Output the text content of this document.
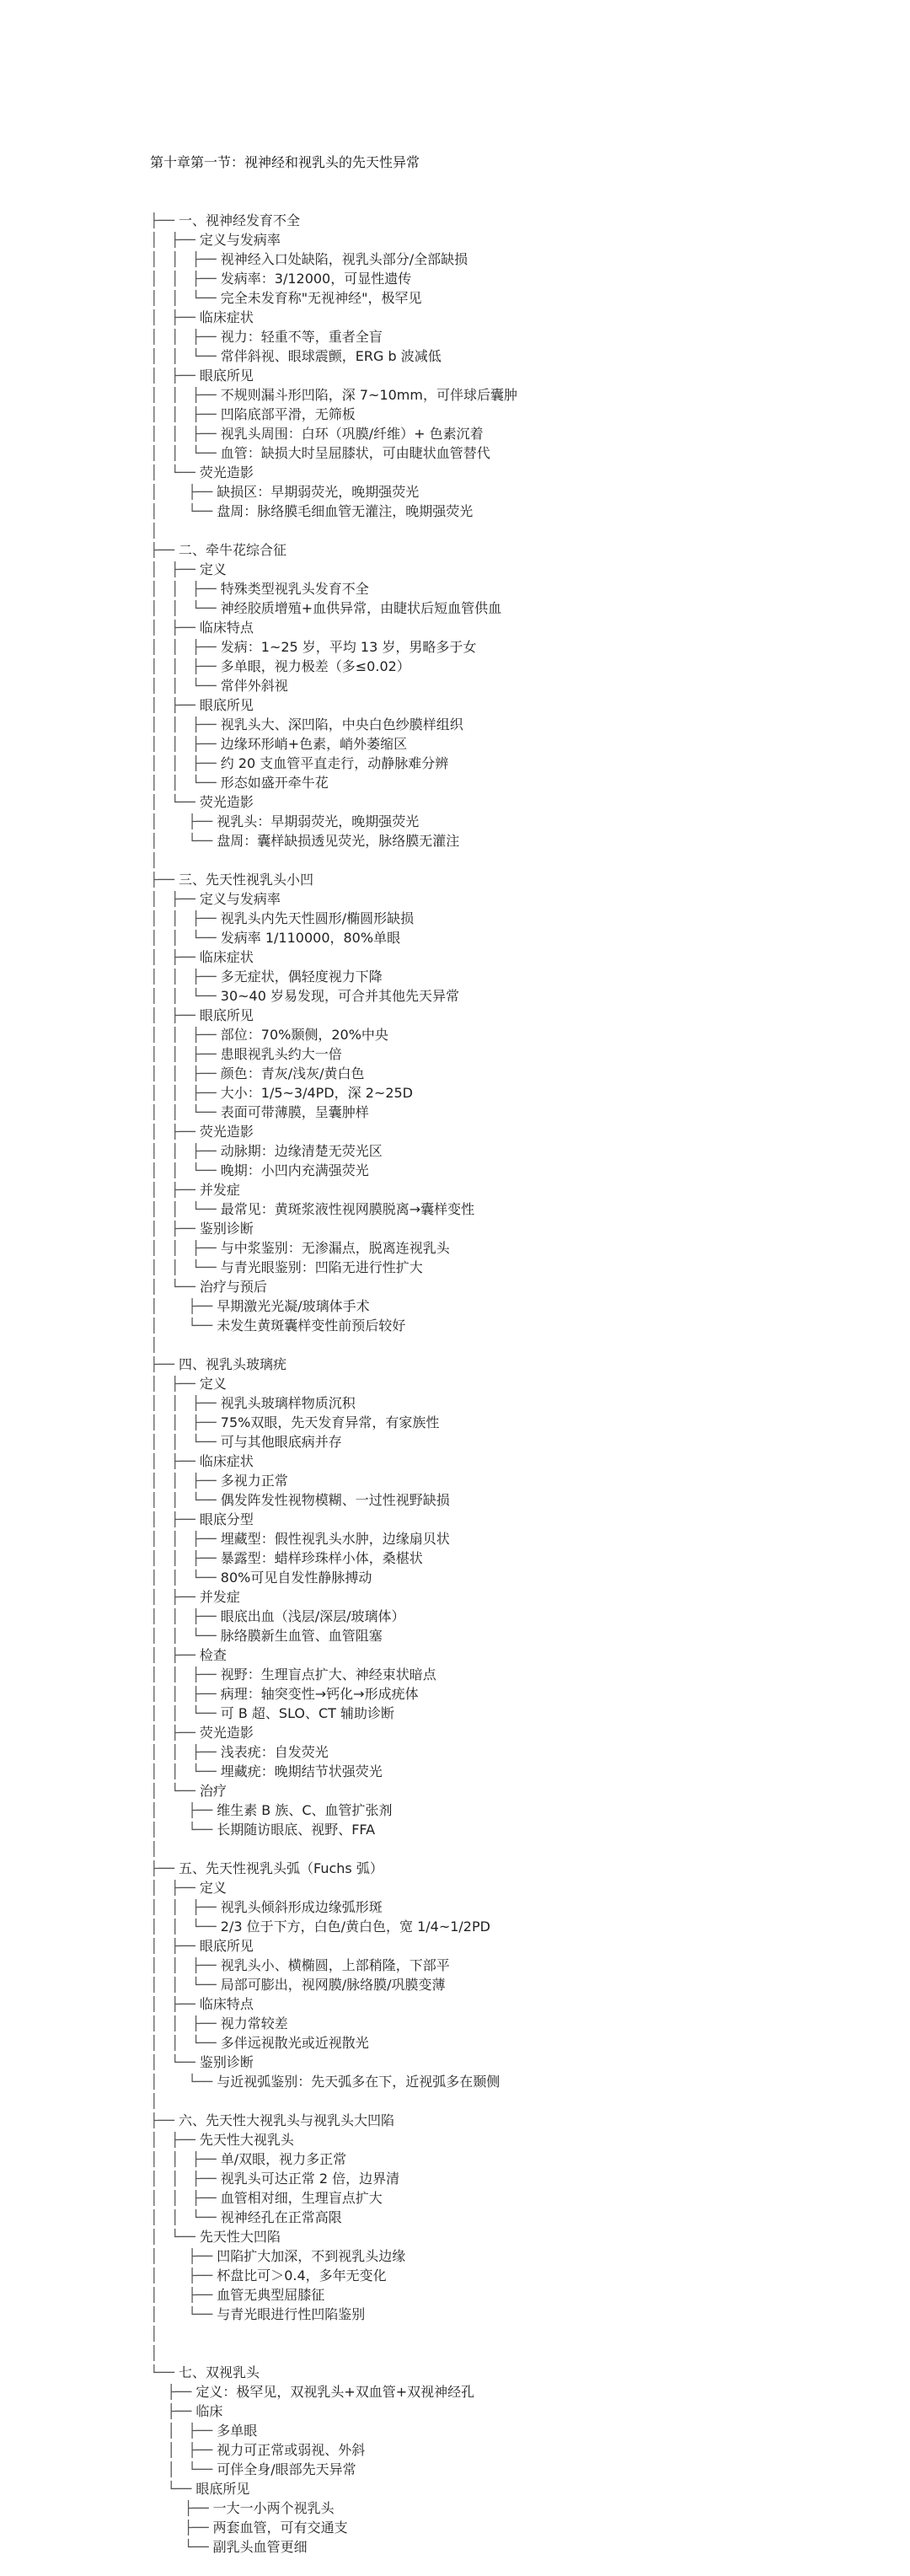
第十章第一节：视神经和视乳头的先天性异常

├── 一、视神经发育不全
│   ├── 定义与发病率
│   │   ├── 视神经入口处缺陷，视乳头部分/全部缺损
│   │   ├── 发病率：3/12000，可显性遗传
│   │   └── 完全未发育称"无视神经"，极罕见
│   ├── 临床症状
│   │   ├── 视力：轻重不等，重者全盲
│   │   └── 常伴斜视、眼球震颤，ERG b 波减低
│   ├── 眼底所见
│   │   ├── 不规则漏斗形凹陷，深 7~10mm，可伴球后囊肿
│   │   ├── 凹陷底部平滑，无筛板
│   │   ├── 视乳头周围：白环（巩膜/纤维）+ 色素沉着
│   │   └── 血管：缺损大时呈屈膝状，可由睫状血管替代
│   └── 荧光造影
│       ├── 缺损区：早期弱荧光，晚期强荧光
│       └── 盘周：脉络膜毛细血管无灌注，晚期强荧光
│
├── 二、牵牛花综合征
│   ├── 定义
│   │   ├── 特殊类型视乳头发育不全
│   │   └── 神经胶质增殖+血供异常，由睫状后短血管供血
│   ├── 临床特点
│   │   ├── 发病：1~25 岁，平均 13 岁，男略多于女
│   │   ├── 多单眼，视力极差（多≤0.02）
│   │   └── 常伴外斜视
│   ├── 眼底所见
│   │   ├── 视乳头大、深凹陷，中央白色纱膜样组织
│   │   ├── 边缘环形峭+色素，峭外萎缩区
│   │   ├── 约 20 支血管平直走行，动静脉难分辨
│   │   └── 形态如盛开牵牛花
│   └── 荧光造影
│       ├── 视乳头：早期弱荧光，晚期强荧光
│       └── 盘周：囊样缺损透见荧光，脉络膜无灌注
│
├── 三、先天性视乳头小凹
│   ├── 定义与发病率
│   │   ├── 视乳头内先天性圆形/椭圆形缺损
│   │   └── 发病率 1/110000，80%单眼
│   ├── 临床症状
│   │   ├── 多无症状，偶轻度视力下降
│   │   └── 30~40 岁易发现，可合并其他先天异常
│   ├── 眼底所见
│   │   ├── 部位：70%颞侧，20%中央
│   │   ├── 患眼视乳头约大一倍
│   │   ├── 颜色：青灰/浅灰/黄白色
│   │   ├── 大小：1/5~3/4PD，深 2~25D
│   │   └── 表面可带薄膜，呈囊肿样
│   ├── 荧光造影
│   │   ├── 动脉期：边缘清楚无荧光区
│   │   └── 晚期：小凹内充满强荧光
│   ├── 并发症
│   │   └── 最常见：黄斑浆液性视网膜脱离→囊样变性
│   ├── 鉴别诊断
│   │   ├── 与中浆鉴别：无渗漏点，脱离连视乳头
│   │   └── 与青光眼鉴别：凹陷无进行性扩大
│   └── 治疗与预后
│       ├── 早期激光光凝/玻璃体手术
│       └── 未发生黄斑囊样变性前预后较好
│
├── 四、视乳头玻璃疣
│   ├── 定义
│   │   ├── 视乳头玻璃样物质沉积
│   │   ├── 75%双眼，先天发育异常，有家族性
│   │   └── 可与其他眼底病并存
│   ├── 临床症状
│   │   ├── 多视力正常
│   │   └── 偶发阵发性视物模糊、一过性视野缺损
│   ├── 眼底分型
│   │   ├── 埋藏型：假性视乳头水肿，边缘扇贝状
│   │   ├── 暴露型：蜡样珍珠样小体，桑椹状
│   │   └── 80%可见自发性静脉搏动
│   ├── 并发症
│   │   ├── 眼底出血（浅层/深层/玻璃体）
│   │   └── 脉络膜新生血管、血管阻塞
│   ├── 检查
│   │   ├── 视野：生理盲点扩大、神经束状暗点
│   │   ├── 病理：轴突变性→钙化→形成疣体
│   │   └── 可 B 超、SLO、CT 辅助诊断
│   ├── 荧光造影
│   │   ├── 浅表疣：自发荧光
│   │   └── 埋藏疣：晚期结节状强荧光
│   └── 治疗
│       ├── 维生素 B 族、C、血管扩张剂
│       └── 长期随访眼底、视野、FFA
│
├── 五、先天性视乳头弧（Fuchs 弧）
│   ├── 定义
│   │   ├── 视乳头倾斜形成边缘弧形斑
│   │   └── 2/3 位于下方，白色/黄白色，宽 1/4~1/2PD
│   ├── 眼底所见
│   │   ├── 视乳头小、横椭圆，上部稍隆，下部平
│   │   └── 局部可膨出，视网膜/脉络膜/巩膜变薄
│   ├── 临床特点
│   │   ├── 视力常较差
│   │   └── 多伴远视散光或近视散光
│   └── 鉴别诊断
│       └── 与近视弧鉴别：先天弧多在下，近视弧多在颞侧
│
├── 六、先天性大视乳头与视乳头大凹陷
│   ├── 先天性大视乳头
│   │   ├── 单/双眼，视力多正常
│   │   ├── 视乳头可达正常 2 倍，边界清
│   │   ├── 血管相对细，生理盲点扩大
│   │   └── 视神经孔在正常高限
│   └── 先天性大凹陷
│       ├── 凹陷扩大加深，不到视乳头边缘
│       ├── 杯盘比可＞0.4，多年无变化
│       ├── 血管无典型屈膝征
│       └── 与青光眼进行性凹陷鉴别
│
│
└── 七、双视乳头
├── 定义：极罕见，双视乳头+双血管+双视神经孔
├── 临床
│   ├── 多单眼
│   ├── 视力可正常或弱视、外斜
│   └── 可伴全身/眼部先天异常
└── 眼底所见
├── 一大一小两个视乳头
├── 两套血管，可有交通支
└── 副乳头血管更细
